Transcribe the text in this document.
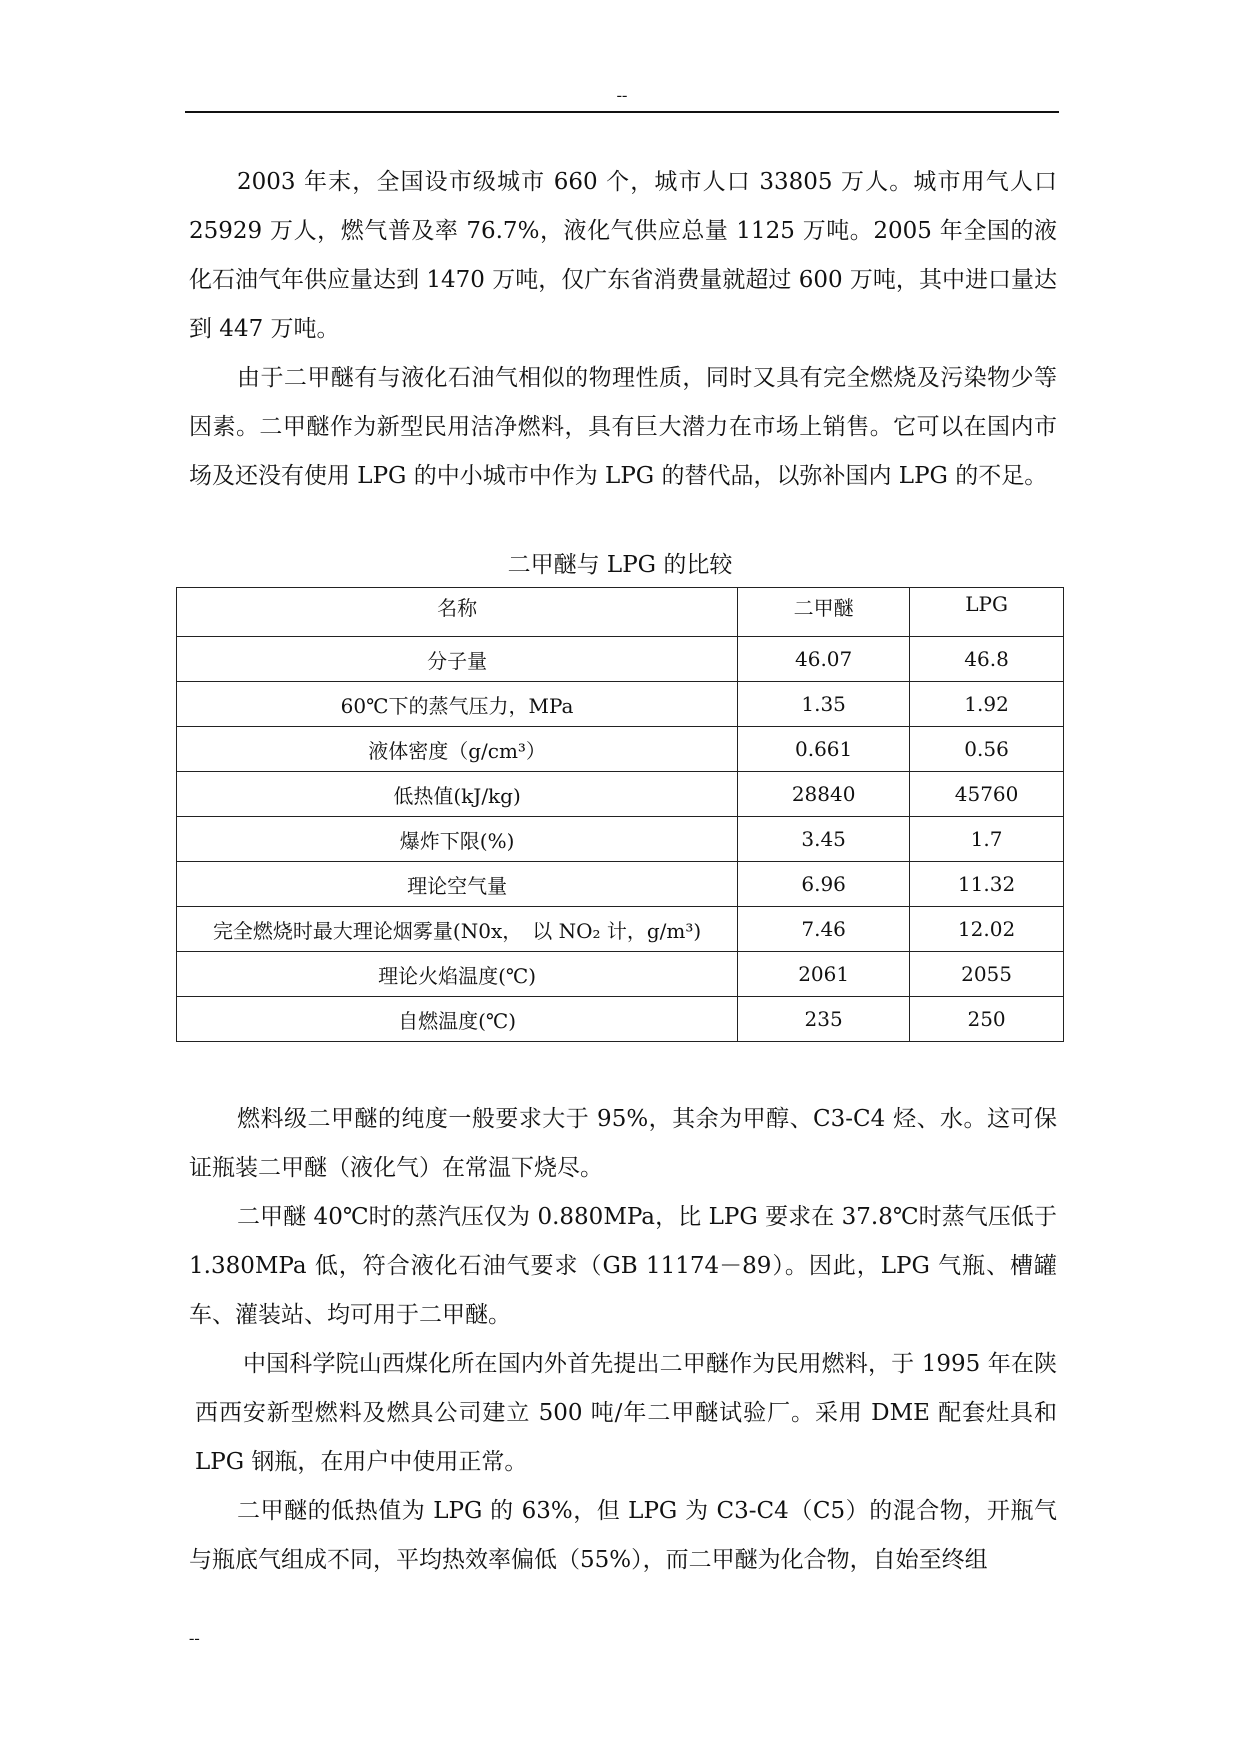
--

2003 年末，全国设市级城市 660 个，城市人口 33805 万人。城市用气人口 25929 万人，燃气普及率 76.7%，液化气供应总量 1125 万吨。2005 年全国的液化石油气年供应量达到 1470 万吨，仅广东省消费量就超过 600 万吨，其中进口量达到 447 万吨。

由于二甲醚有与液化石油气相似的物理性质，同时又具有完全燃烧及污染物少等因素。二甲醚作为新型民用洁净燃料，具有巨大潜力在市场上销售。它可以在国内市场及还没有使用 LPG 的中小城市中作为 LPG 的替代品，以弥补国内 LPG 的不足。

二甲醚与 LPG 的比较
名称	二甲醚	LPG
分子量	46.07	46.8
60℃下的蒸气压力，MPa	1.35	1.92
液体密度（g/cm³）	0.661	0.56
低热值(kJ/kg)	28840	45760
爆炸下限(%)	3.45	1.7
理论空气量	6.96	11.32
完全燃烧时最大理论烟雾量(N0x，　以 NO₂ 计，g/m³)	7.46	12.02
理论火焰温度(℃)	2061	2055
自燃温度(℃)	235	250

燃料级二甲醚的纯度一般要求大于 95%，其余为甲醇、C3-C4 烃、水。这可保证瓶装二甲醚（液化气）在常温下烧尽。

二甲醚 40℃时的蒸汽压仅为 0.880MPa，比 LPG 要求在 37.8℃时蒸气压低于 1.380MPa 低，符合液化石油气要求（GB 11174－89）。因此，LPG 气瓶、槽罐车、灌装站、均可用于二甲醚。

中国科学院山西煤化所在国内外首先提出二甲醚作为民用燃料，于 1995 年在陕西西安新型燃料及燃具公司建立 500 吨/年二甲醚试验厂。采用 DME 配套灶具和 LPG 钢瓶，在用户中使用正常。

二甲醚的低热值为 LPG 的 63%，但 LPG 为 C3-C4（C5）的混合物，开瓶气与瓶底气组成不同，平均热效率偏低（55%），而二甲醚为化合物，自始至终组

--
